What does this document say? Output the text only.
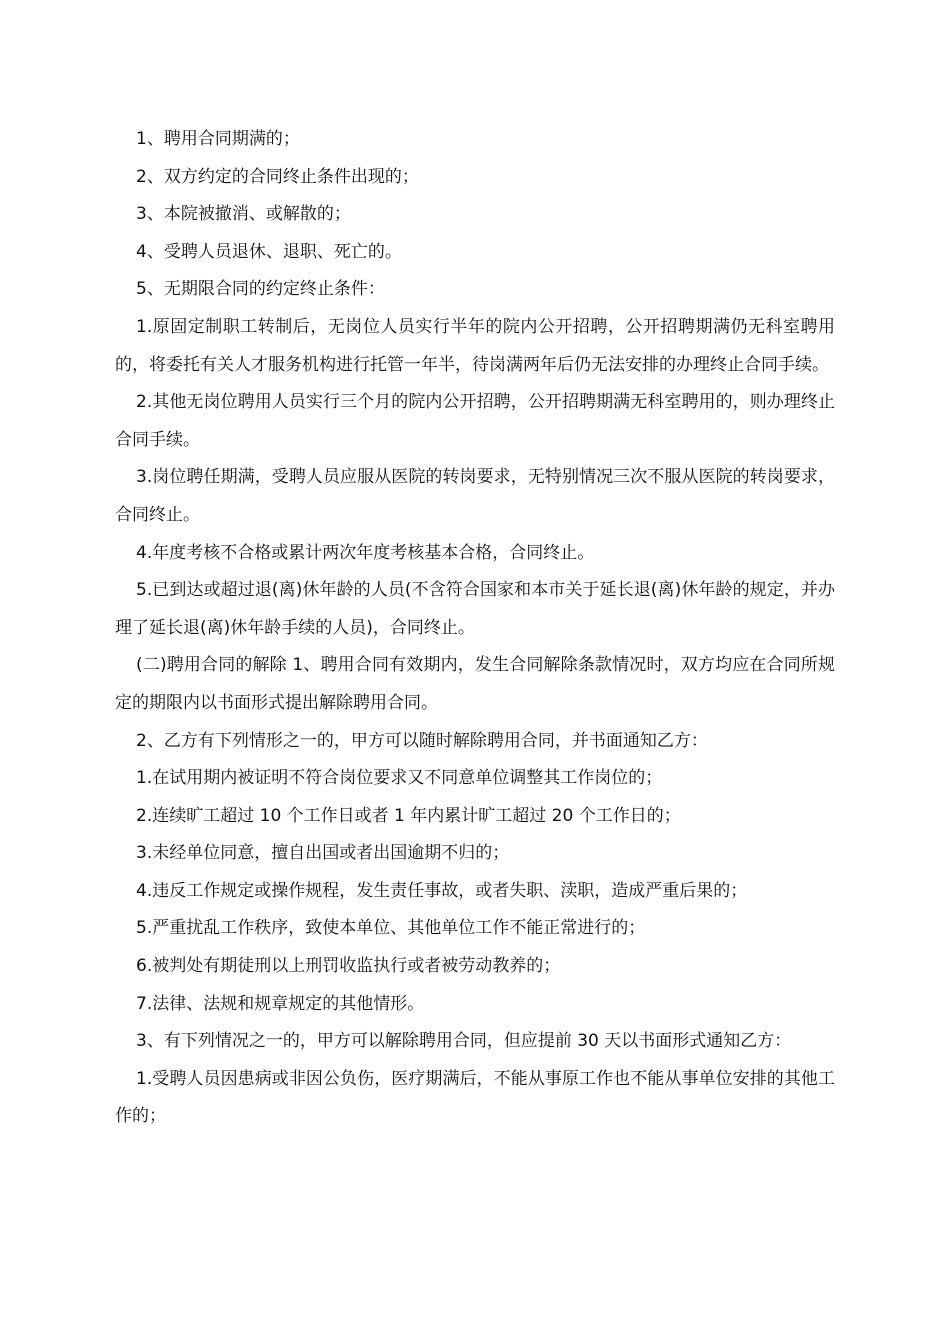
1、聘用合同期满的；

2、双方约定的合同终止条件出现的；

3、本院被撤消、或解散的；

4、受聘人员退休、退职、死亡的。

5、无期限合同的约定终止条件：

1.原固定制职工转制后，无岗位人员实行半年的院内公开招聘，公开招聘期满仍无科室聘用的，将委托有关人才服务机构进行托管一年半，待岗满两年后仍无法安排的办理终止合同手续。

2.其他无岗位聘用人员实行三个月的院内公开招聘，公开招聘期满无科室聘用的，则办理终止合同手续。

3.岗位聘任期满，受聘人员应服从医院的转岗要求，无特别情况三次不服从医院的转岗要求，合同终止。

4.年度考核不合格或累计两次年度考核基本合格，合同终止。

5.已到达或超过退(离)休年龄的人员(不含符合国家和本市关于延长退(离)休年龄的规定，并办理了延长退(离)休年龄手续的人员)，合同终止。

(二)聘用合同的解除 1、聘用合同有效期内，发生合同解除条款情况时，双方均应在合同所规定的期限内以书面形式提出解除聘用合同。

2、乙方有下列情形之一的，甲方可以随时解除聘用合同，并书面通知乙方：

1.在试用期内被证明不符合岗位要求又不同意单位调整其工作岗位的；

2.连续旷工超过 10 个工作日或者 1 年内累计旷工超过 20 个工作日的；

3.未经单位同意，擅自出国或者出国逾期不归的；

4.违反工作规定或操作规程，发生责任事故，或者失职、渎职，造成严重后果的；

5.严重扰乱工作秩序，致使本单位、其他单位工作不能正常进行的；

6.被判处有期徒刑以上刑罚收监执行或者被劳动教养的；

7.法律、法规和规章规定的其他情形。

3、有下列情况之一的，甲方可以解除聘用合同，但应提前 30 天以书面形式通知乙方：

1.受聘人员因患病或非因公负伤，医疗期满后，不能从事原工作也不能从事单位安排的其他工作的；
